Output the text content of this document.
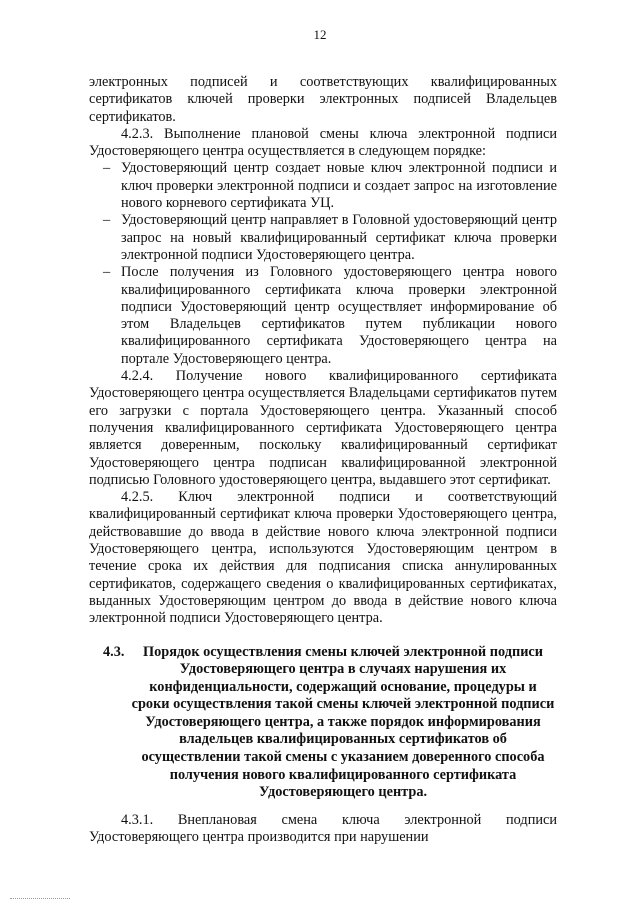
12

электронных подписей и соответствующих квалифицированных сертификатов ключей проверки электронных подписей Владельцев сертификатов.

4.2.3. Выполнение плановой смены ключа электронной подписи Удостоверяющего центра осуществляется в следующем порядке:

– Удостоверяющий центр создает новые ключ электронной подписи и ключ проверки электронной подписи и создает запрос на изготовление нового корневого сертификата УЦ.
– Удостоверяющий центр направляет в Головной удостоверяющий центр запрос на новый квалифицированный сертификат ключа проверки электронной подписи Удостоверяющего центра.
– После получения из Головного удостоверяющего центра нового квалифицированного сертификата ключа проверки электронной подписи Удостоверяющий центр осуществляет информирование об этом Владельцев сертификатов путем публикации нового квалифицированного сертификата Удостоверяющего центра на портале Удостоверяющего центра.

4.2.4. Получение нового квалифицированного сертификата Удостоверяющего центра осуществляется Владельцами сертификатов путем его загрузки с портала Удостоверяющего центра. Указанный способ получения квалифицированного сертификата Удостоверяющего центра является доверенным, поскольку квалифицированный сертификат Удостоверяющего центра подписан квалифицированной электронной подписью Головного удостоверяющего центра, выдавшего этот сертификат.

4.2.5. Ключ электронной подписи и соответствующий квалифицированный сертификат ключа проверки Удостоверяющего центра, действовавшие до ввода в действие нового ключа электронной подписи Удостоверяющего центра, используются Удостоверяющим центром в течение срока их действия для подписания списка аннулированных сертификатов, содержащего сведения о квалифицированных сертификатах, выданных Удостоверяющим центром до ввода в действие нового ключа электронной подписи Удостоверяющего центра.

4.3.	Порядок осуществления смены ключей электронной подписи Удостоверяющего центра в случаях нарушения их конфиденциальности, содержащий основание, процедуры и сроки осуществления такой смены ключей электронной подписи Удостоверяющего центра, а также порядок информирования владельцев квалифицированных сертификатов об осуществлении такой смены с указанием доверенного способа получения нового квалифицированного сертификата Удостоверяющего центра.

4.3.1. Внеплановая смена ключа электронной подписи Удостоверяющего центра производится при нарушении
